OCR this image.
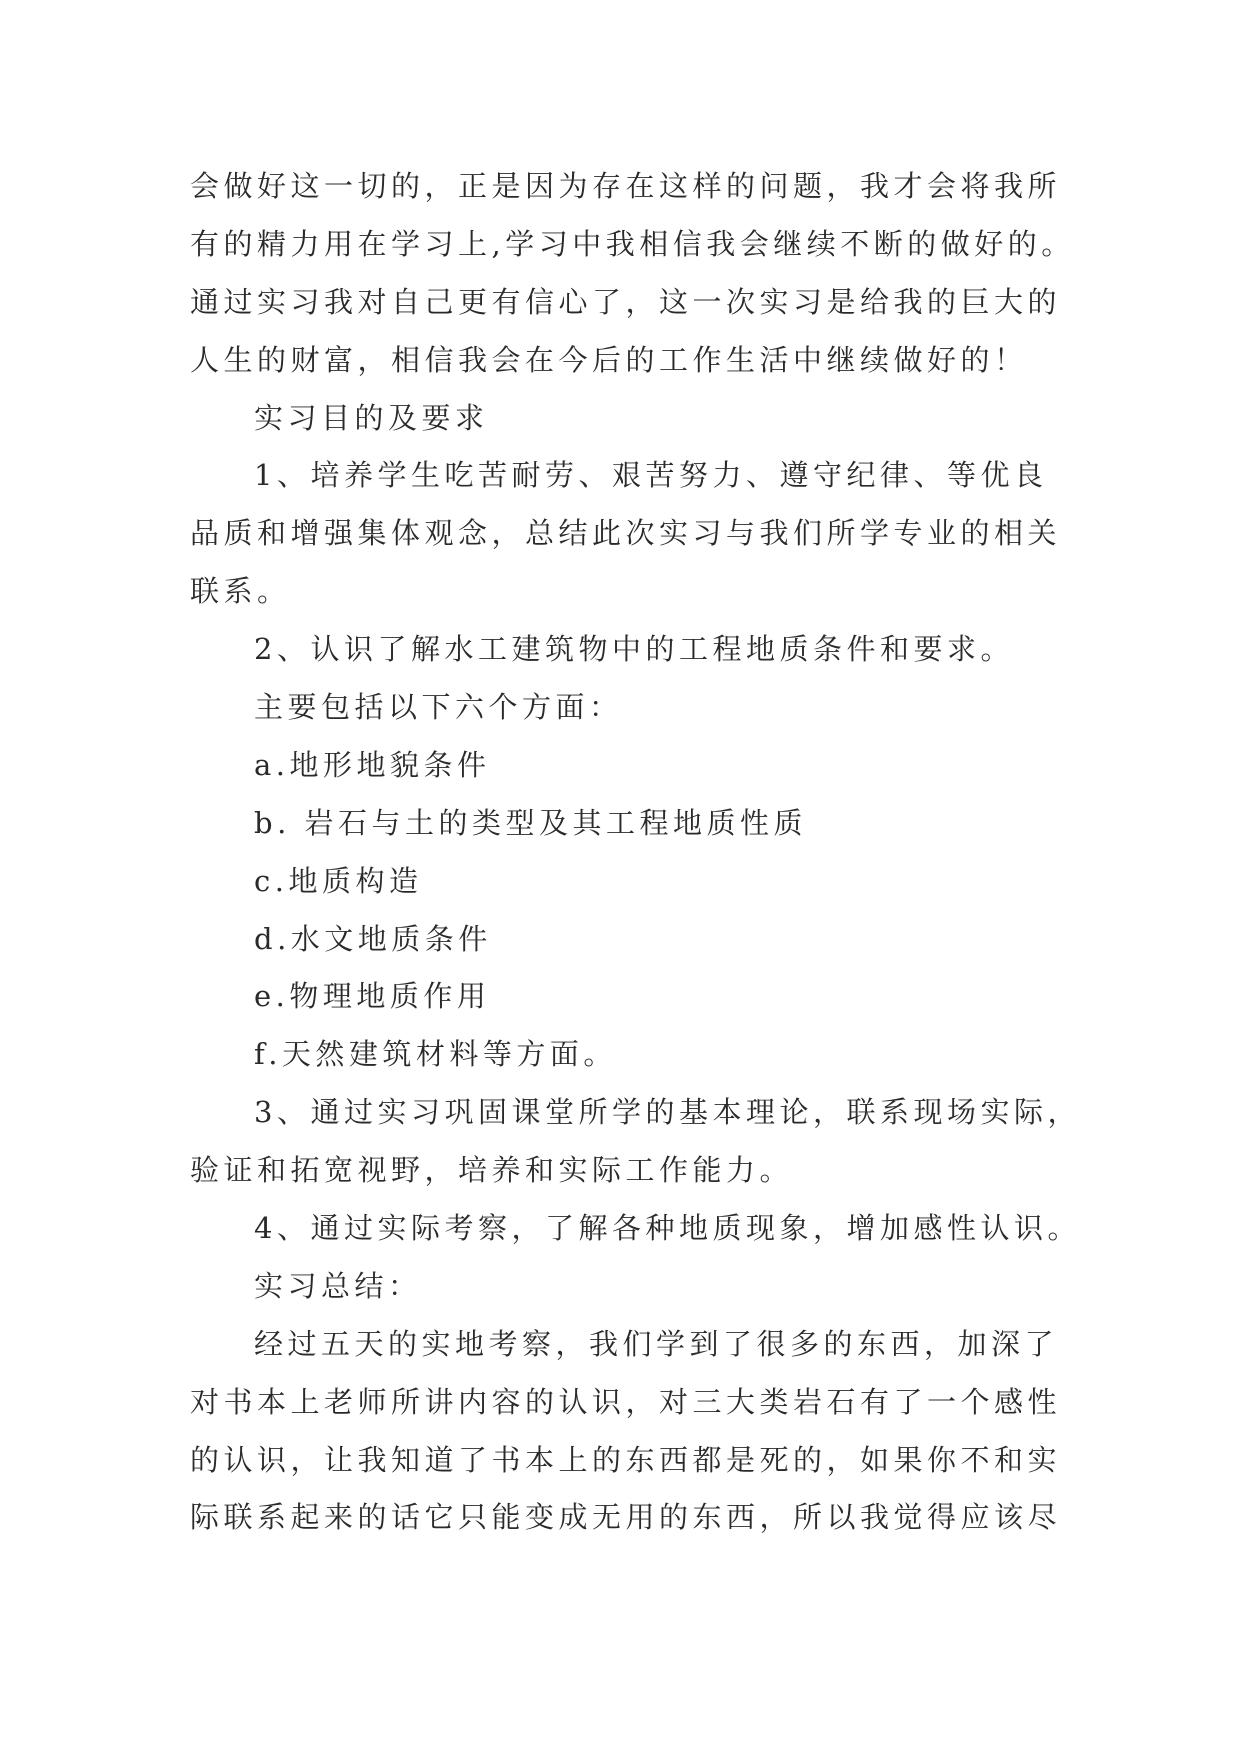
会做好这一切的，正是因为存在这样的问题，我才会将我所
有的精力用在学习上,学习中我相信我会继续不断的做好的。
通过实习我对自己更有信心了，这一次实习是给我的巨大的
人生的财富，相信我会在今后的工作生活中继续做好的！
实习目的及要求
1、培养学生吃苦耐劳、艰苦努力、遵守纪律、等优良
品质和增强集体观念，总结此次实习与我们所学专业的相关
联系。
2、认识了解水工建筑物中的工程地质条件和要求。
主要包括以下六个方面：
a.地形地貌条件
b. 岩石与土的类型及其工程地质性质
c.地质构造
d.水文地质条件
e.物理地质作用
f.天然建筑材料等方面。
3、通过实习巩固课堂所学的基本理论，联系现场实际，
验证和拓宽视野，培养和实际工作能力。
4、通过实际考察，了解各种地质现象，增加感性认识。
实习总结：
经过五天的实地考察，我们学到了很多的东西，加深了
对书本上老师所讲内容的认识，对三大类岩石有了一个感性
的认识，让我知道了书本上的东西都是死的，如果你不和实
际联系起来的话它只能变成无用的东西，所以我觉得应该尽
